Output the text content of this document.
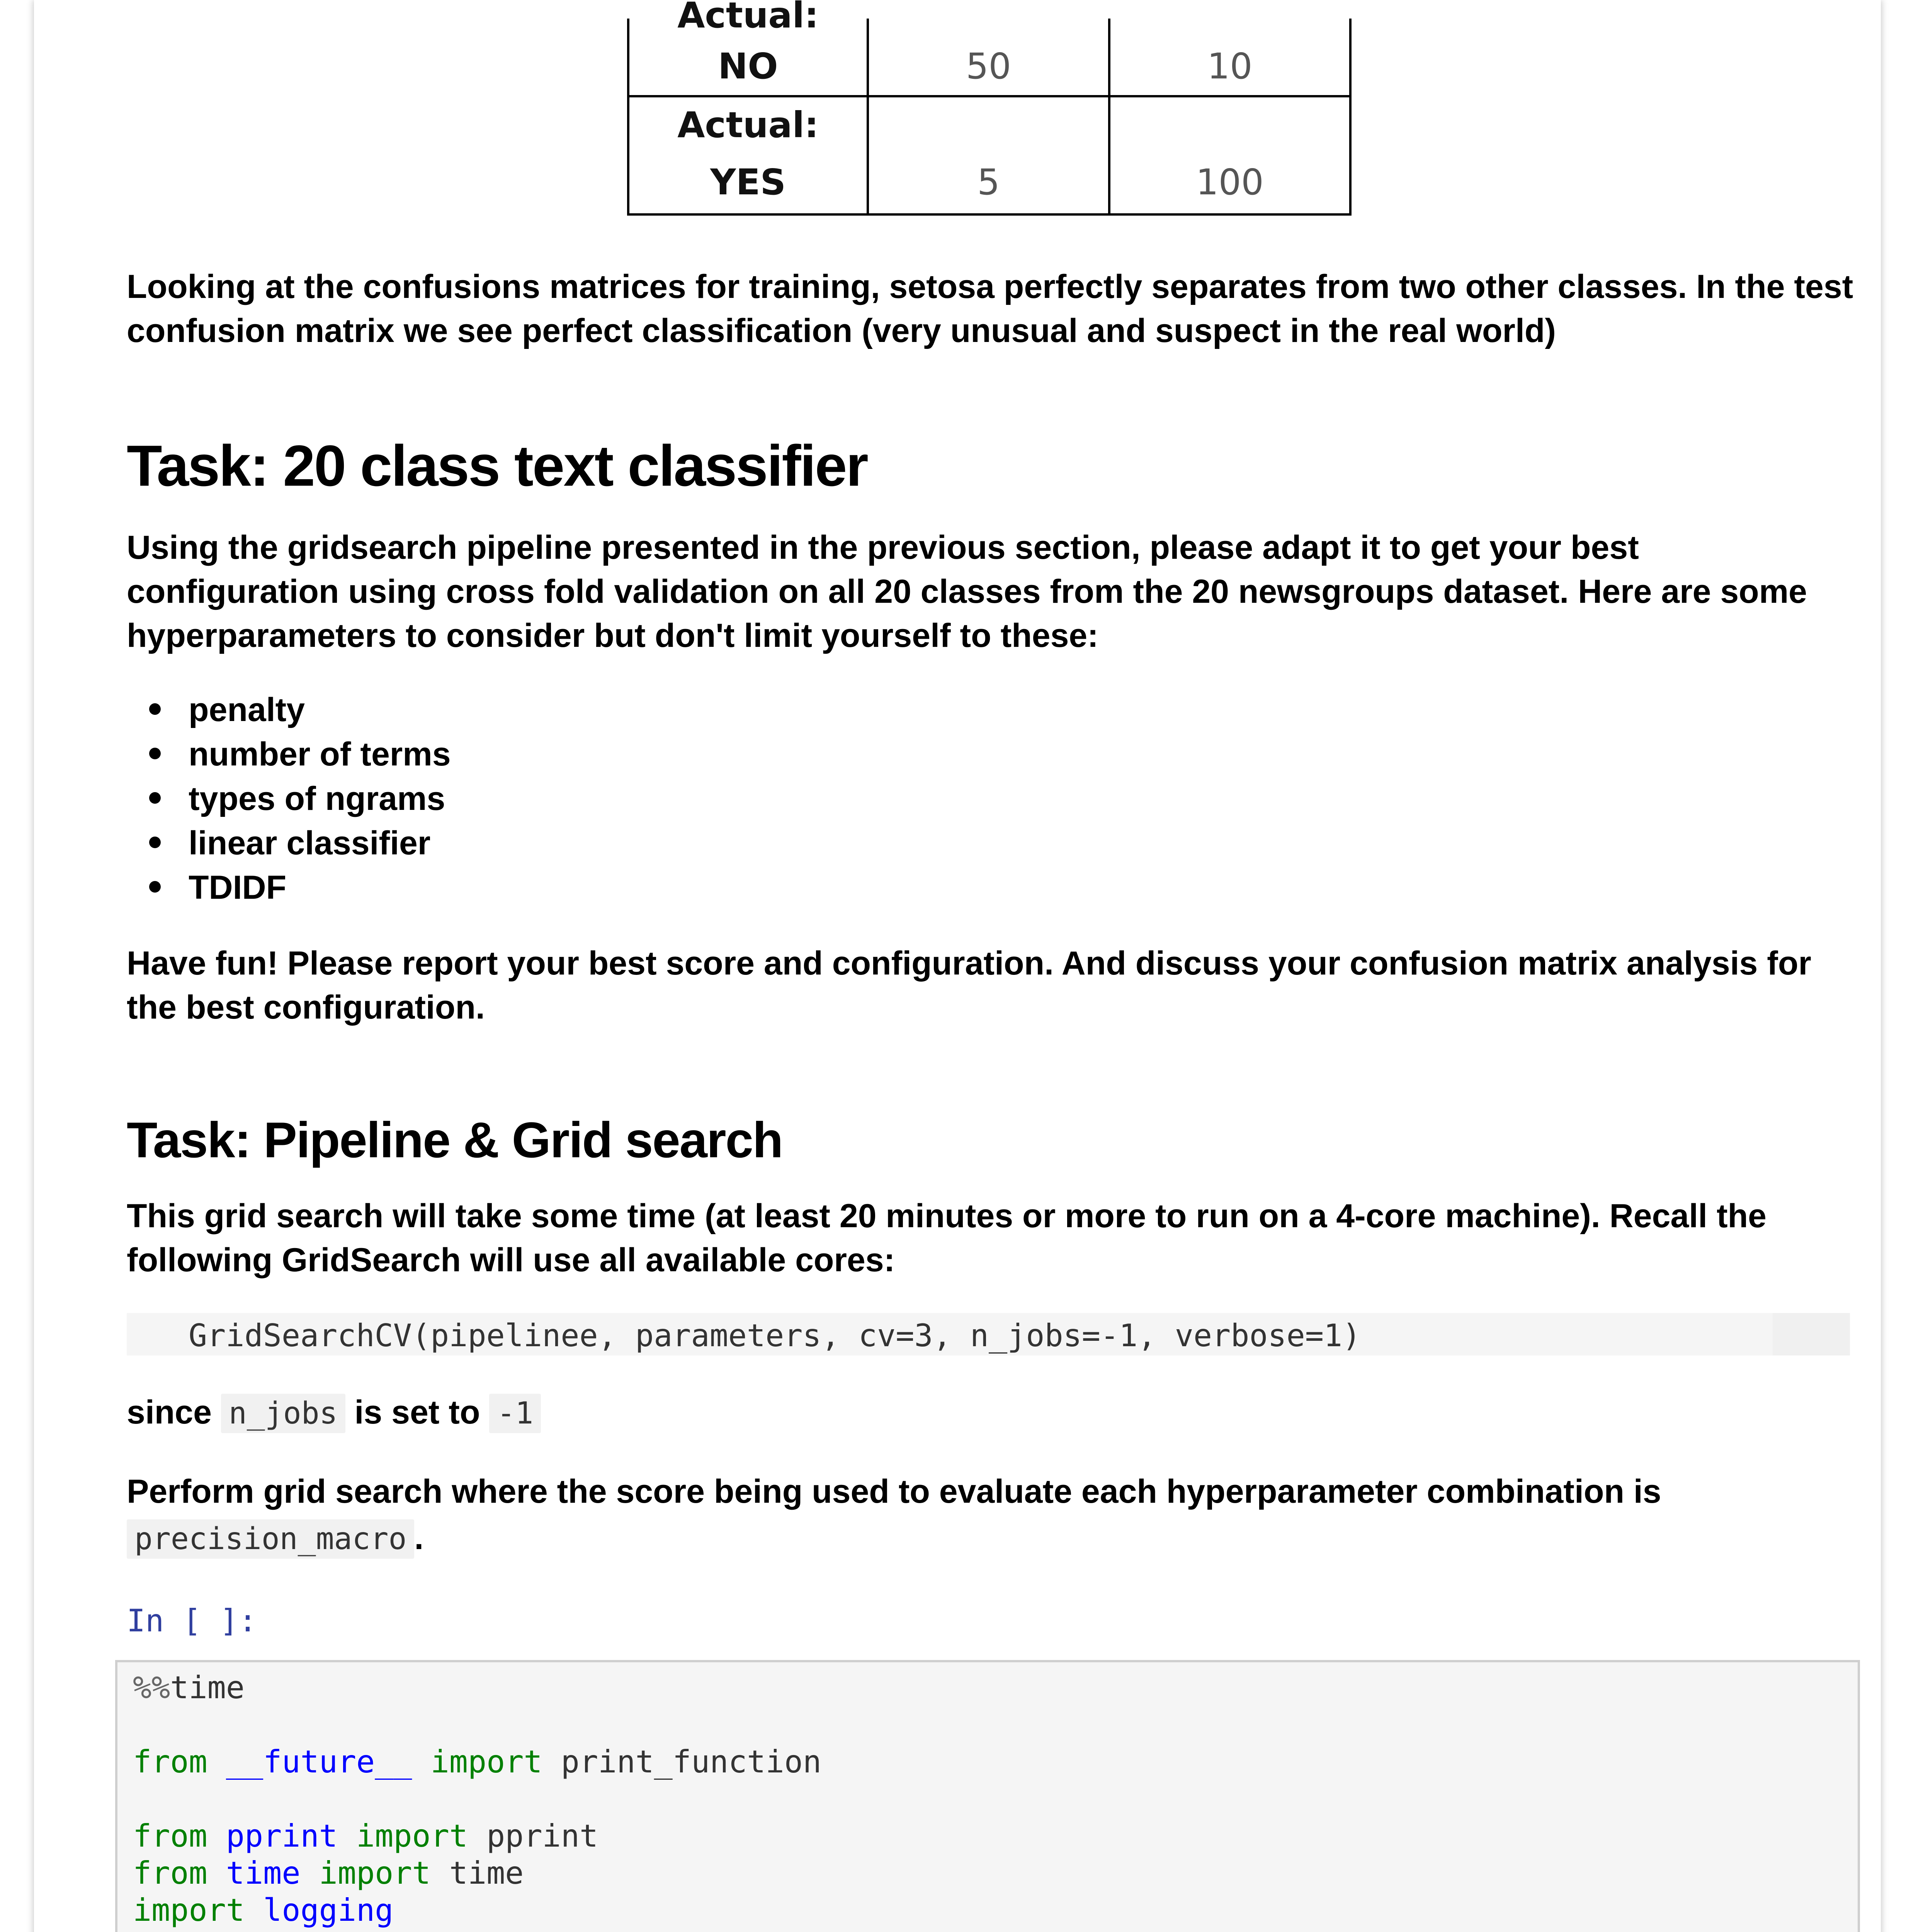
Actual:
NO	50	10
Actual:
YES	5	100

Looking at the confusions matrices for training, setosa perfectly separates from two other classes. In the test confusion matrix we see perfect classification (very unusual and suspect in the real world)

Task: 20 class text classifier

Using the gridsearch pipeline presented in the previous section, please adapt it to get your best configuration using cross fold validation on all 20 classes from the 20 newsgroups dataset. Here are some hyperparameters to consider but don't limit yourself to these:

penalty
number of terms
types of ngrams
linear classifier
TDIDF

Have fun! Please report your best score and configuration. And discuss your confusion matrix analysis for the best configuration.

Task: Pipeline & Grid search

This grid search will take some time (at least 20 minutes or more to run on a 4-core machine). Recall the following GridSearch will use all available cores:

GridSearchCV(pipelinee, parameters, cv=3, n_jobs=-1, verbose=1)

since n_jobs is set to -1

Perform grid search where the score being used to evaluate each hyperparameter combination is
precision_macro .

In [ ]:
%%time

from __future__ import print_function

from pprint import pprint
from time import time
import logging
